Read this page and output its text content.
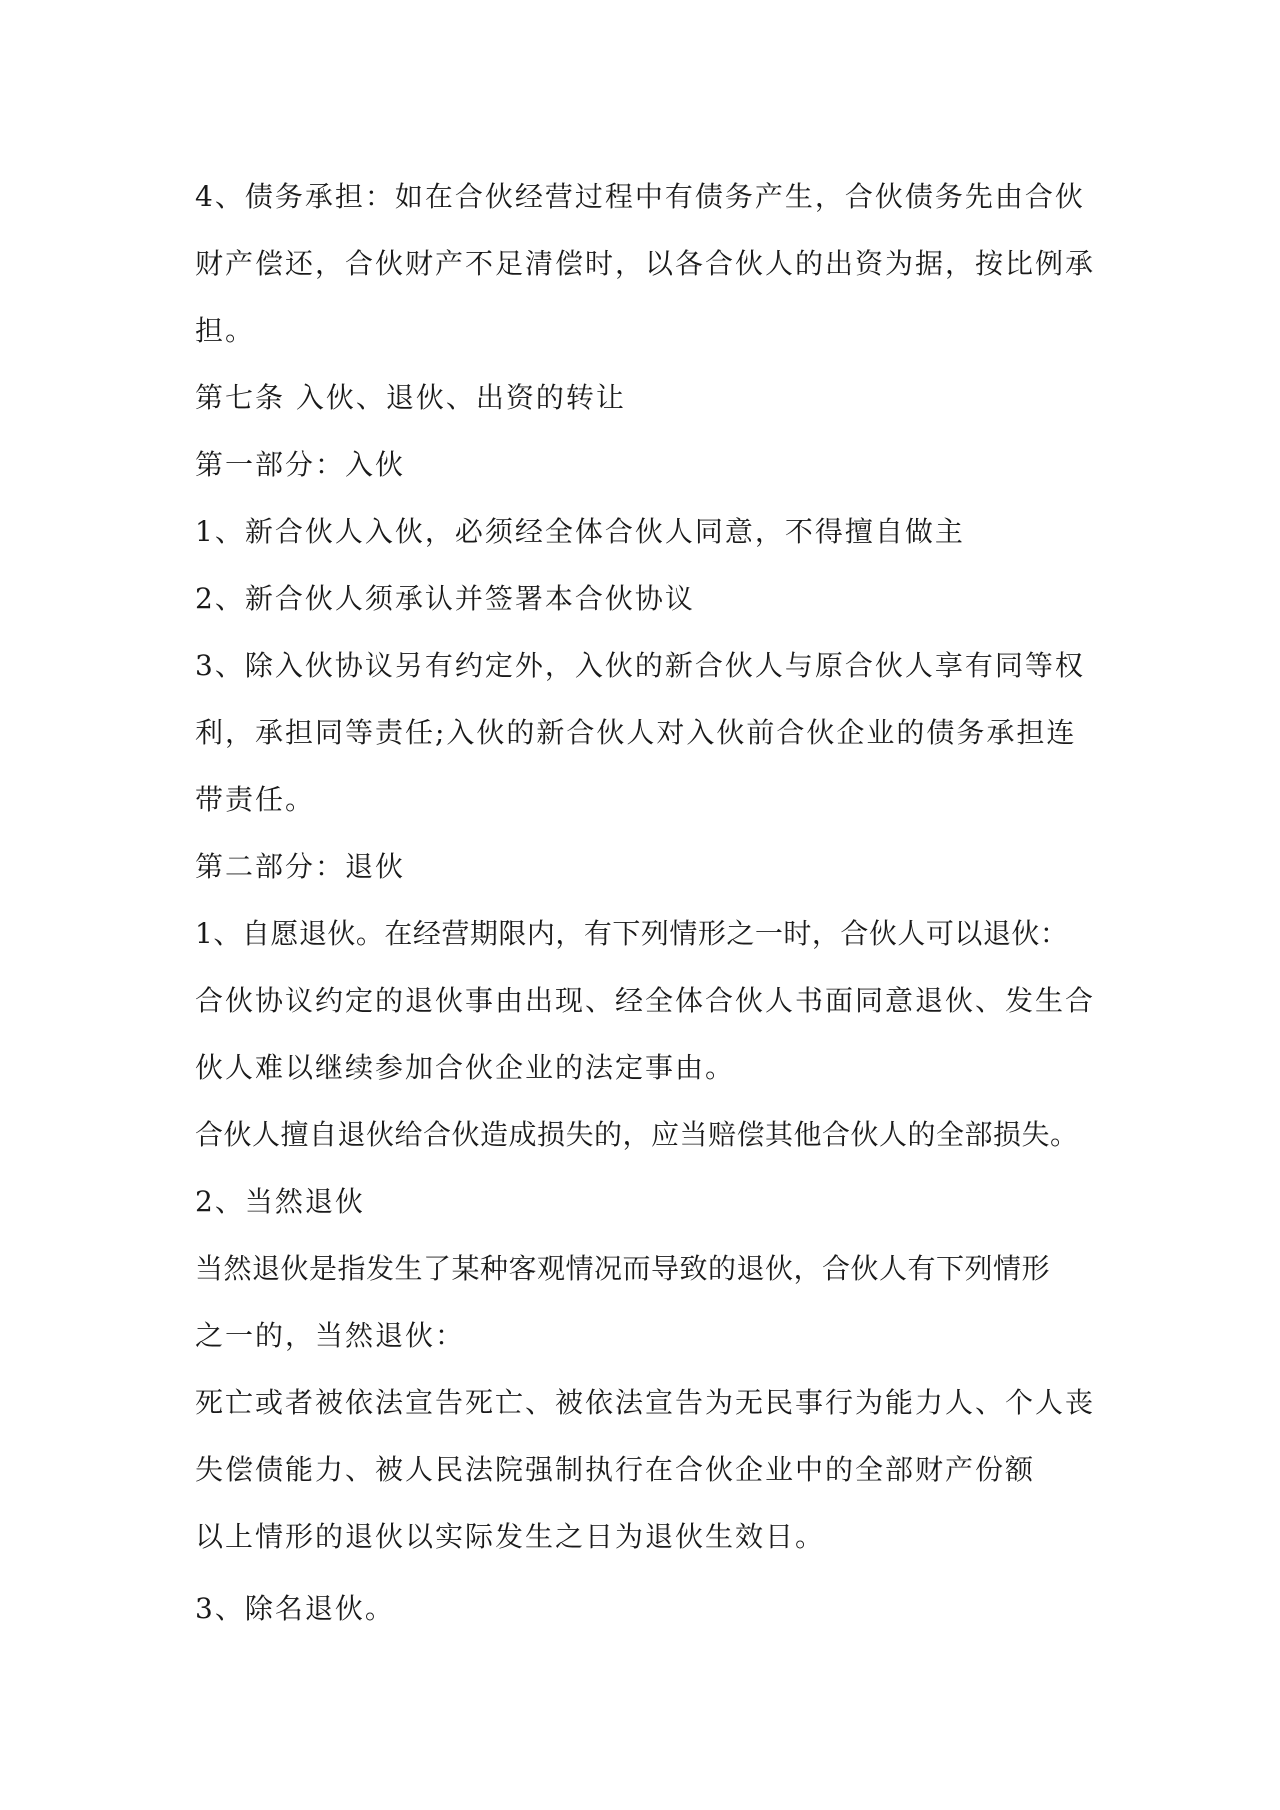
4、债务承担：如在合伙经营过程中有债务产生，合伙债务先由合伙
财产偿还，合伙财产不足清偿时，以各合伙人的出资为据，按比例承
担。
第七条 入伙、退伙、出资的转让
第一部分：入伙
1、新合伙人入伙，必须经全体合伙人同意，不得擅自做主
2、新合伙人须承认并签署本合伙协议
3、除入伙协议另有约定外，入伙的新合伙人与原合伙人享有同等权
利，承担同等责任;入伙的新合伙人对入伙前合伙企业的债务承担连
带责任。
第二部分：退伙
1、自愿退伙。在经营期限内，有下列情形之一时，合伙人可以退伙：
合伙协议约定的退伙事由出现、经全体合伙人书面同意退伙、发生合
伙人难以继续参加合伙企业的法定事由。
合伙人擅自退伙给合伙造成损失的，应当赔偿其他合伙人的全部损失。
2、当然退伙
当然退伙是指发生了某种客观情况而导致的退伙，合伙人有下列情形
之一的，当然退伙：
死亡或者被依法宣告死亡、被依法宣告为无民事行为能力人、个人丧
失偿债能力、被人民法院强制执行在合伙企业中的全部财产份额
以上情形的退伙以实际发生之日为退伙生效日。
3、除名退伙。
